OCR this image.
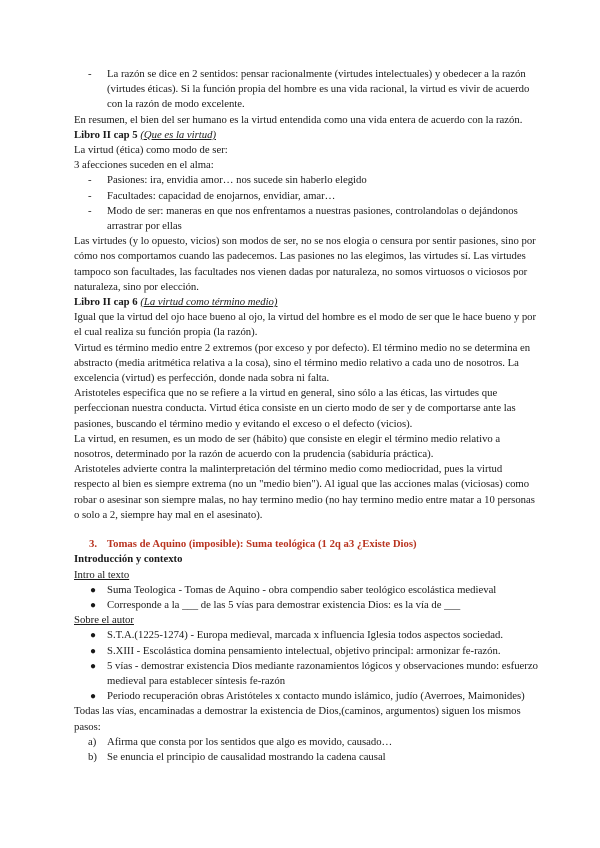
- La razón se dice en 2 sentidos: pensar racionalmente (virtudes intelectuales) y obedecer a la razón (virtudes éticas). Si la función propia del hombre es una vida racional, la virtud es vivir de acuerdo con la razón de modo excelente.

En resumen, el bien del ser humano es la virtud entendida como una vida entera de acuerdo con la razón.

Libro II cap 5 (Que es la virtud)

La virtud (ética) como modo de ser:

3 afecciones suceden en el alma:

- Pasiones: ira, envidia amor… nos sucede sin haberlo elegido
- Facultades: capacidad de enojarnos, envidiar, amar…
- Modo de ser: maneras en que nos enfrentamos a nuestras pasiones, controlandolas o dejándonos arrastrar por ellas

Las virtudes (y lo opuesto, vicios) son modos de ser, no se nos elogia o censura por sentir pasiones, sino por cómo nos comportamos cuando las padecemos. Las pasiones no las elegimos, las virtudes sí. Las virtudes tampoco son facultades, las facultades nos vienen dadas por naturaleza, no somos virtuosos o viciosos por naturaleza, sino por elección.

Libro II cap 6 (La virtud como término medio)

Igual que la virtud del ojo hace bueno al ojo, la virtud del hombre es el modo de ser que le hace bueno y por el cual realiza su función propia (la razón).

Virtud es término medio entre 2 extremos (por exceso y por defecto). El término medio no se determina en abstracto (media aritmética relativa a la cosa), sino el término medio relativo a cada uno de nosotros. La excelencia (virtud) es perfección, donde nada sobra ni falta.

Aristoteles especifica que no se refiere a la virtud en general, sino sólo a las éticas, las virtudes que perfeccionan nuestra conducta. Virtud ética consiste en un cierto modo de ser y de comportarse ante las pasiones, buscando el término medio y evitando el exceso o el defecto (vicios).

La virtud, en resumen, es un modo de ser (hábito) que consiste en elegir el término medio relativo a nosotros, determinado por la razón de acuerdo con la prudencia (sabiduría práctica).

Aristoteles advierte contra la malinterpretación del término medio como mediocridad, pues la virtud respecto al bien es siempre extrema (no un "medio bien"). Al igual que las acciones malas (viciosas) como robar o asesinar son siempre malas, no hay termino medio (no hay termino medio entre matar a 10 personas o solo a 2, siempre hay mal en el asesinato).

3. Tomas de Aquino (imposible): Suma teológica (1 2q a3 ¿Existe Dios)

Introducción y contexto

Intro al texto

● Suma Teologica - Tomas de Aquino - obra compendio saber teológico escolástica medieval
● Corresponde a la ___ de las 5 vías para demostrar existencia Dios: es la vía de ___

Sobre el autor

● S.T.A.(1225-1274) - Europa medieval, marcada x influencia Iglesia todos aspectos sociedad.
● S.XIII - Escolástica domina pensamiento intelectual, objetivo principal: armonizar fe-razón.
● 5 vías - demostrar existencia Dios mediante razonamientos lógicos y observaciones mundo: esfuerzo medieval para establecer síntesis fe-razón
● Periodo recuperación obras Aristóteles x contacto mundo islámico, judío (Averroes, Maimonides)

Todas las vías, encaminadas a demostrar la existencia de Dios,(caminos, argumentos) siguen los mismos pasos:

a) Afirma que consta por los sentidos que algo es movido, causado…
b) Se enuncia el principio de causalidad mostrando la cadena causal
